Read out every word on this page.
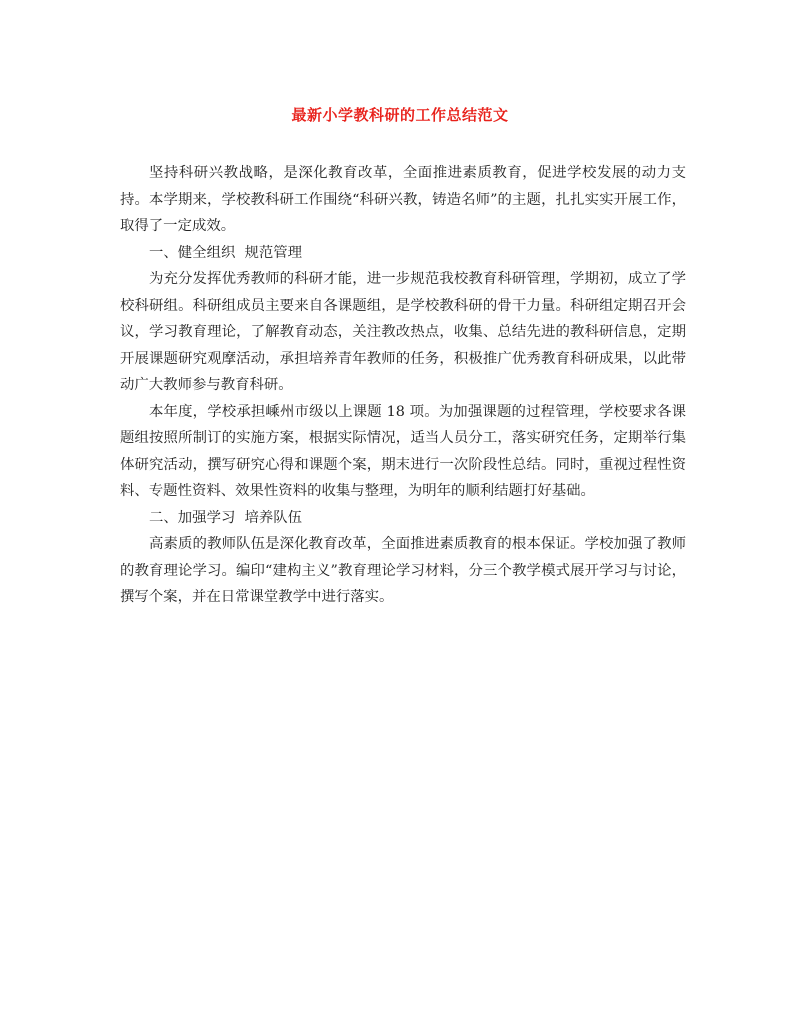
最新小学教科研的工作总结范文

坚持科研兴教战略，是深化教育改革，全面推进素质教育，促进学校发展的动力支持。本学期来，学校教科研工作围绕“科研兴教，铸造名师”的主题，扎扎实实开展工作，取得了一定成效。

一、健全组织  规范管理

为充分发挥优秀教师的科研才能，进一步规范我校教育科研管理，学期初，成立了学校科研组。科研组成员主要来自各课题组，是学校教科研的骨干力量。科研组定期召开会议，学习教育理论，了解教育动态，关注教改热点，收集、总结先进的教科研信息，定期开展课题研究观摩活动，承担培养青年教师的任务，积极推广优秀教育科研成果，以此带动广大教师参与教育科研。

本年度，学校承担嵊州市级以上课题 18 项。为加强课题的过程管理，学校要求各课题组按照所制订的实施方案，根据实际情况，适当人员分工，落实研究任务，定期举行集体研究活动，撰写研究心得和课题个案，期末进行一次阶段性总结。同时，重视过程性资料、专题性资料、效果性资料的收集与整理，为明年的顺利结题打好基础。

二、加强学习  培养队伍

高素质的教师队伍是深化教育改革，全面推进素质教育的根本保证。学校加强了教师的教育理论学习。编印“建构主义”教育理论学习材料，分三个教学模式展开学习与讨论，撰写个案，并在日常课堂教学中进行落实。
